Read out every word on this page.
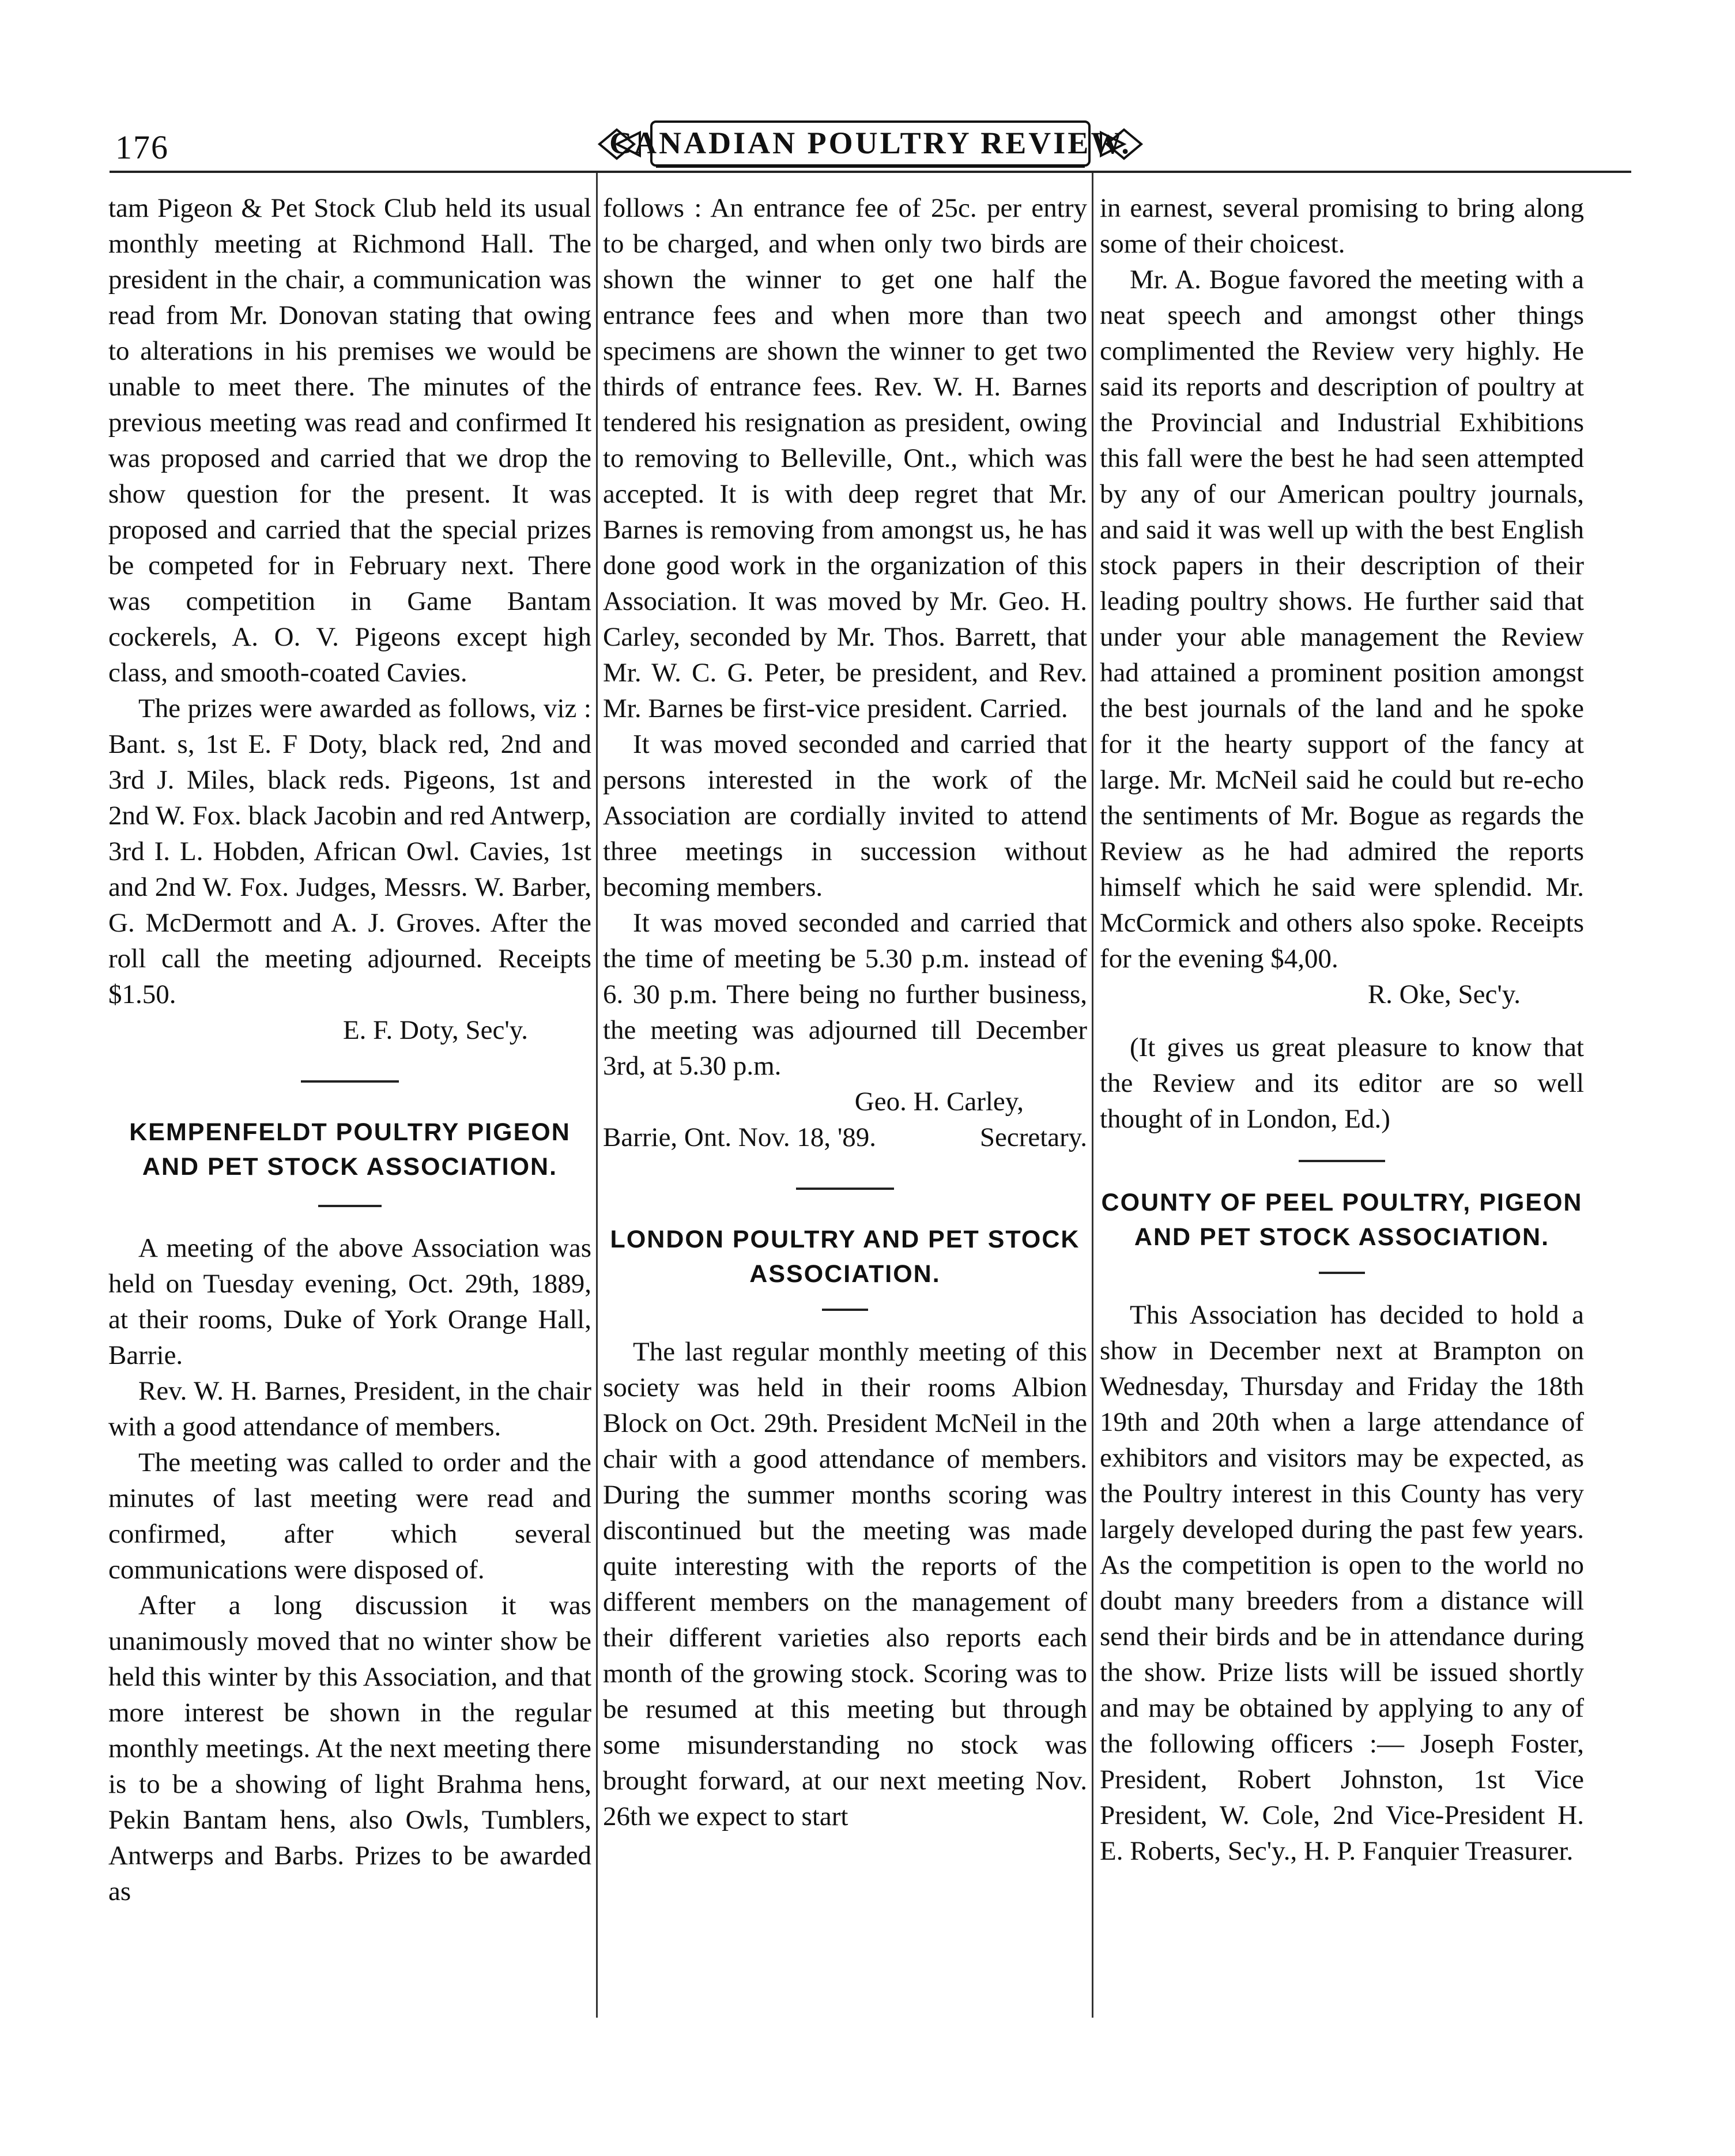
176	CANADIAN POULTRY REVIEW.

tam Pigeon & Pet Stock Club held its usual monthly meeting at Richmond Hall. The president in the chair, a communication was read from Mr. Donovan stating that owing to alterations in his premises we would be unable to meet there. The minutes of the previous meeting was read and confirmed It was proposed and carried that we drop the show question for the present. It was proposed and carried that the special prizes be competed for in February next. There was competition in Game Bantam cockerels, A. O. V. Pigeons except high class, and smooth-coated Cavies.

The prizes were awarded as follows, viz : Bant. s, 1st E. F Doty, black red, 2nd and 3rd J. Miles, black reds. Pigeons, 1st and 2nd W. Fox. black Jacobin and red Antwerp, 3rd I. L. Hobden, African Owl. Cavies, 1st and 2nd W. Fox. Judges, Messrs. W. Barber, G. McDermott and A. J. Groves. After the roll call the meeting adjourned. Receipts $1.50.

E. F. Doty, Sec'y.

KEMPENFELDT POULTRY PIGEON AND PET STOCK ASSOCIATION.

A meeting of the above Association was held on Tuesday evening, Oct. 29th, 1889, at their rooms, Duke of York Orange Hall, Barrie.

Rev. W. H. Barnes, President, in the chair with a good attendance of members.

The meeting was called to order and the minutes of last meeting were read and confirmed, after which several communications were disposed of.

After a long discussion it was unanimously moved that no winter show be held this winter by this Association, and that more interest be shown in the regular monthly meetings. At the next meeting there is to be a showing of light Brahma hens, Pekin Bantam hens, also Owls, Tumblers, Antwerps and Barbs. Prizes to be awarded as

follows : An entrance fee of 25c. per entry to be charged, and when only two birds are shown the winner to get one half the entrance fees and when more than two specimens are shown the winner to get two thirds of entrance fees. Rev. W. H. Barnes tendered his resignation as president, owing to removing to Belleville, Ont., which was accepted. It is with deep regret that Mr. Barnes is removing from amongst us, he has done good work in the organization of this Association. It was moved by Mr. Geo. H. Carley, seconded by Mr. Thos. Barrett, that Mr. W. C. G. Peter, be president, and Rev. Mr. Barnes be first-vice president. Carried.

It was moved seconded and carried that persons interested in the work of the Association are cordially invited to attend three meetings in succession without becoming members.

It was moved seconded and carried that the time of meeting be 5.30 p.m. instead of 6. 30 p.m. There being no further business, the meeting was adjourned till December 3rd, at 5.30 p.m.

Geo. H. Carley,

Barrie, Ont. Nov. 18, '89.	Secretary.
LONDON POULTRY AND PET STOCK ASSOCIATION.

The last regular monthly meeting of this society was held in their rooms Albion Block on Oct. 29th. President McNeil in the chair with a good attendance of members. During the summer months scoring was discontinued but the meeting was made quite interesting with the reports of the different members on the management of their different varieties also reports each month of the growing stock. Scoring was to be resumed at this meeting but through some misunderstanding no stock was brought forward, at our next meeting Nov. 26th we expect to start

in earnest, several promising to bring along some of their choicest.

Mr. A. Bogue favored the meeting with a neat speech and amongst other things complimented the Review very highly. He said its reports and description of poultry at the Provincial and Industrial Exhibitions this fall were the best he had seen attempted by any of our American poultry journals, and said it was well up with the best English stock papers in their description of their leading poultry shows. He further said that under your able management the Review had attained a prominent position amongst the best journals of the land and he spoke for it the hearty support of the fancy at large. Mr. McNeil said he could but re-echo the sentiments of Mr. Bogue as regards the Review as he had admired the reports himself which he said were splendid. Mr. McCormick and others also spoke. Receipts for the evening $4,00.

R. Oke, Sec'y.

(It gives us great pleasure to know that the Review and its editor are so well thought of in London, Ed.)

COUNTY OF PEEL POULTRY, PIGEON AND PET STOCK ASSOCIATION.

This Association has decided to hold a show in December next at Brampton on Wednesday, Thursday and Friday the 18th 19th and 20th when a large attendance of exhibitors and visitors may be expected, as the Poultry interest in this County has very largely developed during the past few years. As the competition is open to the world no doubt many breeders from a distance will send their birds and be in attendance during the show. Prize lists will be issued shortly and may be obtained by applying to any of the following officers :— Joseph Foster, President, Robert Johnston, 1st Vice President, W. Cole, 2nd Vice-President H. E. Roberts, Sec'y., H. P. Fanquier Treasurer.
